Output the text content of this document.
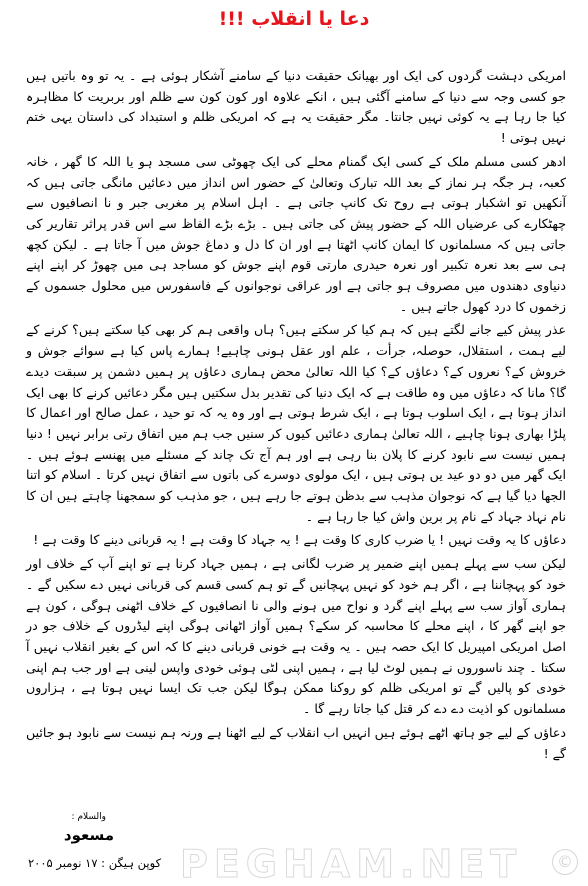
دعا یا انقلاب !!!

امریکی دہشت گردوں کی ایک اور بھیانک حقیقت دنیا کے سامنے آشکار ہوئی ہے ۔ یہ تو وہ باتیں ہیں جو کسی وجہ سے دنیا کے سامنے آگئی ہیں ، انکے علاوہ اور کون کون سے ظلم اور بربریت کا مظاہرہ کیا جا رہا ہے یہ کوئی نہیں جانتا۔ مگر حقیقت یہ ہے کہ امریکی ظلم و استبداد کی داستان یہی ختم نہیں ہوتی !

ادھر کسی مسلم ملک کے کسی ایک گمنام محلے کی ایک چھوٹی سی مسجد ہو یا اللہ کا گھر ، خانہ کعبہ، ہر جگہ ہر نماز کے بعد اللہ تبارک وتعالیٰ کے حضور اس انداز میں دعائیں مانگی جاتی ہیں کہ آنکھیں تو اشکبار ہوتی ہے روح تک کانپ جاتی ہے ۔ اہل اسلام پر مغربی جبر و نا انصافیوں سے چھٹکارے کی عرضیاں اللہ کے حضور پیش کی جاتی ہیں ۔ بڑے بڑے الفاظ سے اس قدر پراثر تقاریر کی جاتی ہیں کہ مسلمانوں کا ایمان کانپ اٹھتا ہے اور ان کا دل و دماغ جوش میں آ جاتا ہے ۔ لیکن کچھ ہی سے بعد نعرہ تکبیر اور نعرہ حیدری مارتی قوم اپنے جوش کو مساجد ہی میں چھوڑ کر اپنے اپنے دنیاوی دھندوں میں مصروف ہو جاتی ہے اور عراقی نوجوانوں کے فاسفورس میں محلول جسموں کے زخموں کا درد کھول جاتے ہیں ۔

عذر پیش کیے جانے لگتے ہیں کہ ہم کیا کر سکتے ہیں؟ ہاں واقعی ہم کر بھی کیا سکتے ہیں؟ کرنے کے لیے ہمت ، استقلال، حوصلہ، جرأت ، علم اور عقل ہونی چاہیے! ہمارے پاس کیا ہے سوائے جوش و خروش کے؟ نعروں کے؟ دعاؤں کے؟ کیا اللہ تعالیٰ محض ہماری دعاؤں پر ہمیں دشمن پر سبقت دیدے گا؟ مانا کہ دعاؤں میں وہ طاقت ہے کہ ایک دنیا کی تقدیر بدل سکتیں ہیں مگر دعائیں کرنے کا بھی ایک انداز ہوتا ہے ، ایک اسلوب ہوتا ہے ، ایک شرط ہوتی ہے اور وہ یہ کہ تو حید ، عمل صالح اور اعمال کا پلڑا بھاری ہونا چاہیے ، اللہ تعالیٰ ہماری دعائیں کیوں کر سنیں جب ہم میں اتفاق رتی برابر نہیں ! دنیا ہمیں نیست سے نابود کرنے کا پلان بنا رہی ہے اور ہم آج تک چاند کے مسئلے میں پھنسے ہوئے ہیں ۔ ایک گھر میں دو دو عید یں ہوتی ہیں ، ایک مولوی دوسرے کی باتوں سے اتفاق نہیں کرتا ۔ اسلام کو اتنا الجھا دیا گیا ہے کہ نوجوان مذہب سے بدظن ہوتے جا رہے ہیں ، جو مذہب کو سمجھنا چاہتے ہیں ان کا نام نہاد جہاد کے نام پر برین واش کیا جا رہا ہے ۔

دعاؤں کا یہ وقت نہیں ! یا ضرب کاری کا وقت ہے ! یہ جہاد کا وقت ہے ! یہ قربانی دینے کا وقت ہے !

لیکن سب سے پہلے ہمیں اپنے ضمیر پر ضرب لگانی ہے ، ہمیں جہاد کرنا ہے تو اپنے آپ کے خلاف اور خود کو پہچاننا ہے ، اگر ہم خود کو نہیں پہچانیں گے تو ہم کسی قسم کی قربانی نہیں دے سکیں گے ۔ ہماری آواز سب سے پہلے اپنے گرد و نواح میں ہونے والی نا انصافیوں کے خلاف اٹھنی ہوگی ، کون ہے جو اپنے گھر کا ، اپنے محلے کا محاسبہ کر سکے؟ ہمیں آواز اٹھانی ہوگی اپنے لیڈروں کے خلاف جو در اصل امریکی امپیریل کا ایک حصہ ہیں ۔ یہ وقت ہے خونی قربانی دینے کا کہ اس کے بغیر انقلاب نہیں آ سکتا ۔ چند ناسوروں نے ہمیں لوٹ لیا ہے ، ہمیں اپنی لٹی ہوئی خودی واپس لینی ہے اور جب ہم اپنی خودی کو پالیں گے تو امریکی ظلم کو روکنا ممکن ہوگا لیکن جب تک ایسا نہیں ہوتا ہے ، ہزاروں مسلمانوں کو اذیت دے دے کر قتل کیا جاتا رہے گا ۔

دعاؤں کے لیے جو ہاتھ اٹھے ہوئے ہیں انہیں اب انقلاب کے لیے اٹھنا ہے ورنہ ہم نیست سے نابود ہو جائیں گے !

والسلام :
مسعود
PEGHAM.NET	©
کوپن ہیگن : ۱۷ نومبر ۲۰۰۵
